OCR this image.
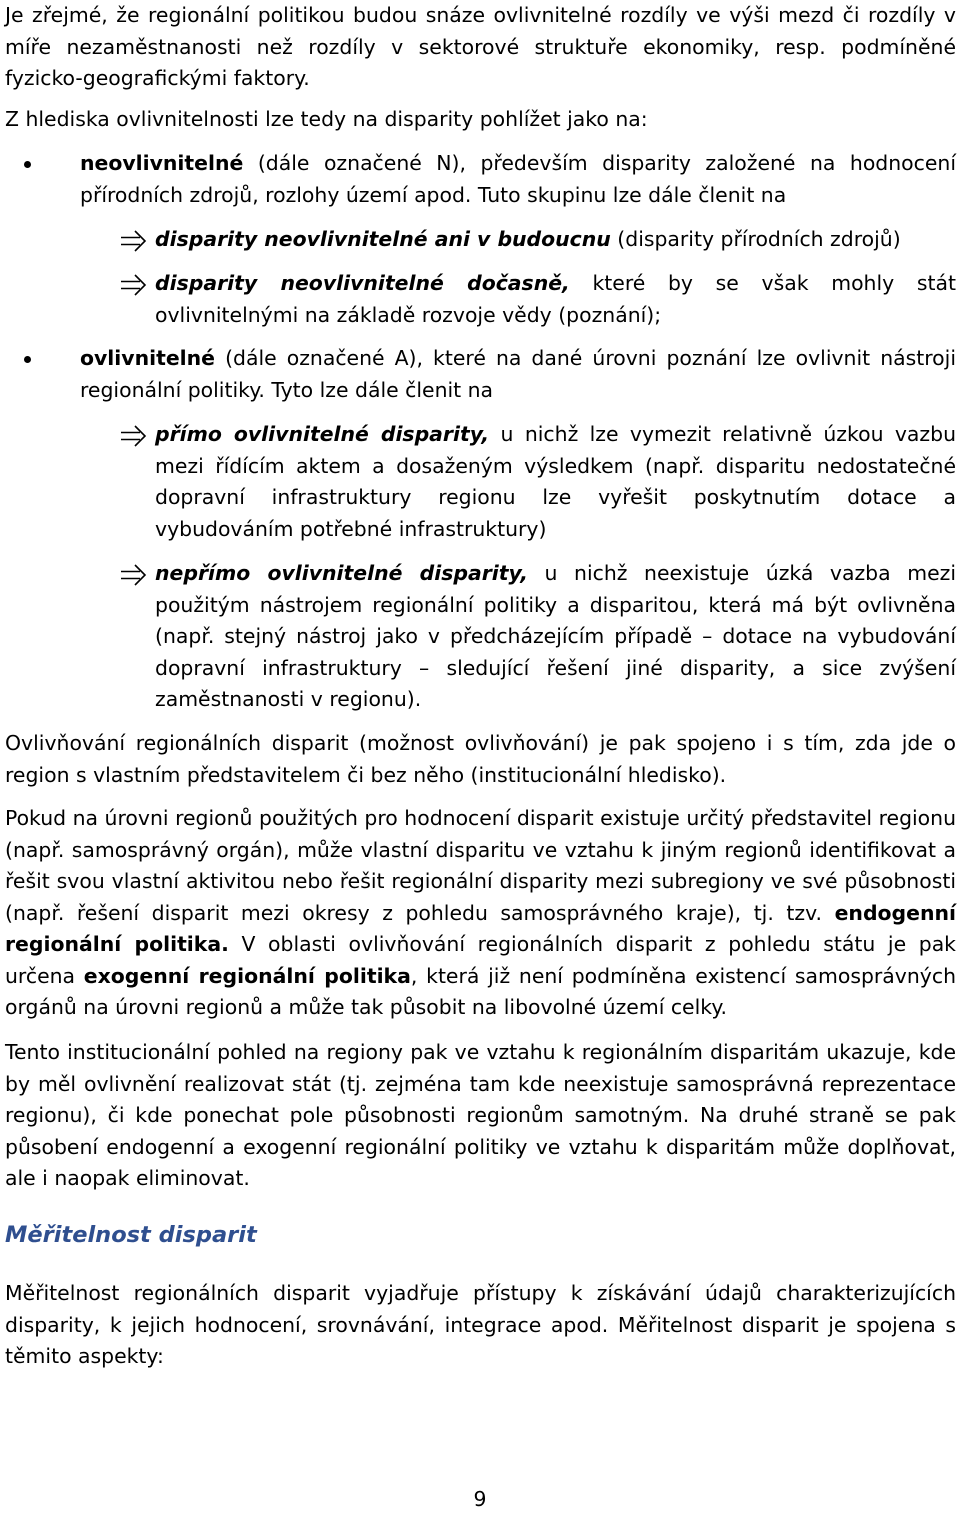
Je zřejmé, že regionální politikou budou snáze ovlivnitelné rozdíly ve výši mezd či rozdíly v míře nezaměstnanosti než rozdíly v sektorové struktuře ekonomiky, resp. podmíněné fyzicko-geografickými faktory.

Z hlediska ovlivnitelnosti lze tedy na disparity pohlížet jako na:

neovlivnitelné (dále označené N), především disparity založené na hodnocení přírodních zdrojů, rozlohy území apod. Tuto skupinu lze dále členit na

disparity neovlivnitelné ani v budoucnu (disparity přírodních zdrojů)

disparity neovlivnitelné dočasně, které by se však mohly stát ovlivnitelnými na základě rozvoje vědy (poznání);

ovlivnitelné (dále označené A), které na dané úrovni poznání lze ovlivnit nástroji regionální politiky. Tyto lze dále členit na

přímo ovlivnitelné disparity, u nichž lze vymezit relativně úzkou vazbu mezi řídícím aktem a dosaženým výsledkem (např. disparitu nedostatečné dopravní infrastruktury regionu lze vyřešit poskytnutím dotace a vybudováním potřebné infrastruktury)

nepřímo ovlivnitelné disparity, u nichž neexistuje úzká vazba mezi použitým nástrojem regionální politiky a disparitou, která má být ovlivněna (např. stejný nástroj jako v předcházejícím případě – dotace na vybudování dopravní infrastruktury – sledující řešení jiné disparity, a sice zvýšení zaměstnanosti v regionu).

Ovlivňování regionálních disparit (možnost ovlivňování) je pak spojeno i s tím, zda jde o region s vlastním představitelem či bez něho (institucionální hledisko).

Pokud na úrovni regionů použitých pro hodnocení disparit existuje určitý představitel regionu (např. samosprávný orgán), může vlastní disparitu ve vztahu k jiným regionů identifikovat a řešit svou vlastní aktivitou nebo řešit regionální disparity mezi subregiony ve své působnosti (např. řešení disparit mezi okresy z pohledu samosprávného kraje), tj. tzv. endogenní regionální politika. V oblasti ovlivňování regionálních disparit z pohledu státu je pak určena exogenní regionální politika, která již není podmíněna existencí samosprávných orgánů na úrovni regionů a může tak působit na libovolné území celky.

Tento institucionální pohled na regiony pak ve vztahu k regionálním disparitám ukazuje, kde by měl ovlivnění realizovat stát (tj. zejména tam kde neexistuje samosprávná reprezentace regionu), či kde ponechat pole působnosti regionům samotným. Na druhé straně se pak působení endogenní a exogenní regionální politiky ve vztahu k disparitám může doplňovat, ale i naopak eliminovat.

Měřitelnost disparit

Měřitelnost regionálních disparit vyjadřuje přístupy k získávání údajů charakterizujících disparity, k jejich hodnocení, srovnávání, integrace apod. Měřitelnost disparit je spojena s těmito aspekty:

9
